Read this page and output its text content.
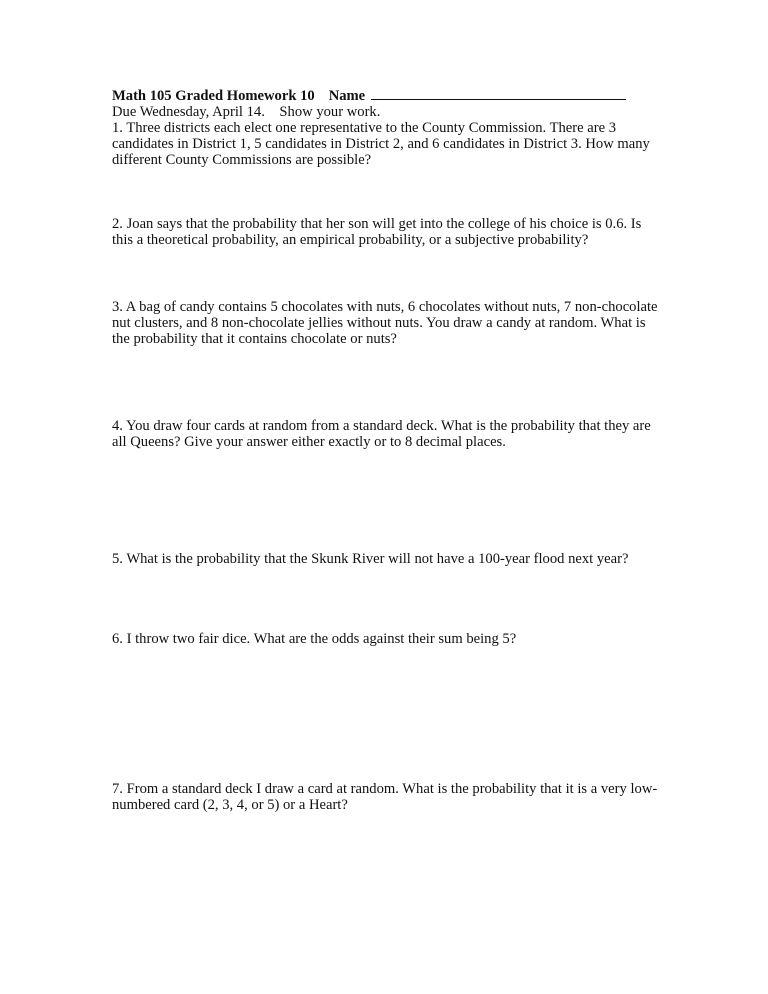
Math 105 Graded Homework 10 Name
Due Wednesday, April 14.    Show your work.

1. Three districts each elect one representative to the County Commission. There are 3 candidates in District 1, 5 candidates in District 2, and 6 candidates in District 3. How many different County Commissions are possible?

2. Joan says that the probability that her son will get into the college of his choice is 0.6. Is this a theoretical probability, an empirical probability, or a subjective probability?

3. A bag of candy contains 5 chocolates with nuts, 6 chocolates without nuts, 7 non-chocolate nut clusters, and 8 non-chocolate jellies without nuts. You draw a candy at random. What is the probability that it contains chocolate or nuts?

4. You draw four cards at random from a standard deck. What is the probability that they are all Queens? Give your answer either exactly or to 8 decimal places.

5. What is the probability that the Skunk River will not have a 100-year flood next year?

6. I throw two fair dice. What are the odds against their sum being 5?

7. From a standard deck I draw a card at random. What is the probability that it is a very low-numbered card (2, 3, 4, or 5) or a Heart?
